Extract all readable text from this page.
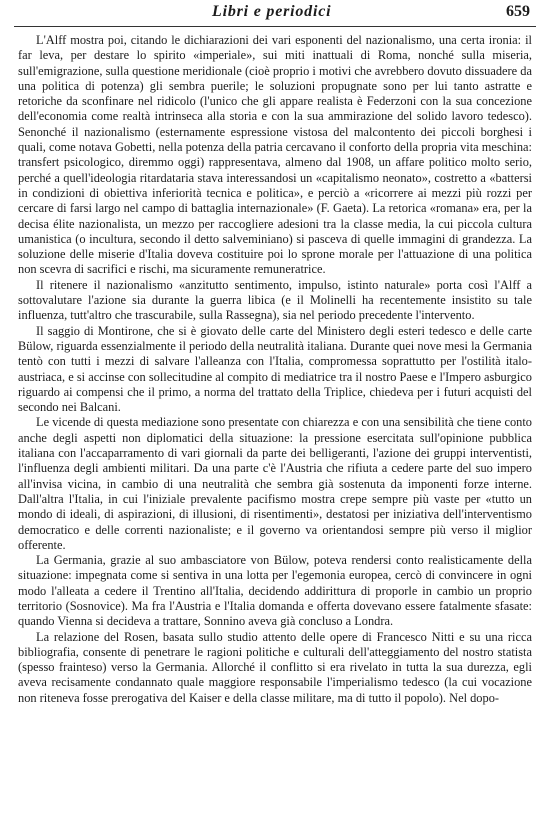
Libri e periodici	659

L'Alff mostra poi, citando le dichiarazioni dei vari esponenti del nazionalismo, una certa ironia: il far leva, per destare lo spirito «imperiale», sui miti inattuali di Roma, nonché sulla miseria, sull'emigrazione, sulla questione meridionale (cioè proprio i motivi che avrebbero dovuto dissuadere da una politica di potenza) gli sembra puerile; le soluzioni propugnate sono per lui tanto astratte e retoriche da sconfinare nel ridicolo (l'unico che gli appare realista è Federzoni con la sua concezione dell'economia come realtà intrinseca alla storia e con la sua ammirazione del solido lavoro tedesco). Senonché il nazionalismo (esternamente espressione vistosa del malcontento dei piccoli borghesi i quali, come notava Gobetti, nella potenza della patria cercavano il conforto della propria vita meschina: transfert psicologico, diremmo oggi) rappresentava, almeno dal 1908, un affare politico molto serio, perché a quell'ideologia ritardataria stava interessandosi un «capitalismo neonato», costretto a «battersi in condizioni di obiettiva inferiorità tecnica e politica», e perciò a «ricorrere ai mezzi più rozzi per cercare di farsi largo nel campo di battaglia internazionale» (F. Gaeta). La retorica «romana» era, per la decisa élite nazionalista, un mezzo per raccogliere adesioni tra la classe media, la cui piccola cultura umanistica (o incultura, secondo il detto salveminiano) si pasceva di quelle immagini di grandezza. La soluzione delle miserie d'Italia doveva costituire poi lo sprone morale per l'attuazione di una politica non scevra di sacrifici e rischi, ma sicuramente remuneratrice.

Il ritenere il nazionalismo «anzitutto sentimento, impulso, istinto naturale» porta così l'Alff a sottovalutare l'azione sia durante la guerra libica (e il Molinelli ha recentemente insistito su tale influenza, tutt'altro che trascurabile, sulla Rassegna), sia nel periodo precedente l'intervento.

Il saggio di Montirone, che si è giovato delle carte del Ministero degli esteri tedesco e delle carte Bülow, riguarda essenzialmente il periodo della neutralità italiana. Durante quei nove mesi la Germania tentò con tutti i mezzi di salvare l'alleanza con l'Italia, compromessa soprattutto per l'ostilità italo-austriaca, e si accinse con sollecitudine al compito di mediatrice tra il nostro Paese e l'Impero asburgico riguardo ai compensi che il primo, a norma del trattato della Triplice, chiedeva per i futuri acquisti del secondo nei Balcani.

Le vicende di questa mediazione sono presentate con chiarezza e con una sensibilità che tiene conto anche degli aspetti non diplomatici della situazione: la pressione esercitata sull'opinione pubblica italiana con l'accaparramento di vari giornali da parte dei belligeranti, l'azione dei gruppi interventisti, l'influenza degli ambienti militari. Da una parte c'è l'Austria che rifiuta a cedere parte del suo impero all'invisa vicina, in cambio di una neutralità che sembra già sostenuta da imponenti forze interne. Dall'altra l'Italia, in cui l'iniziale prevalente pacifismo mostra crepe sempre più vaste per «tutto un mondo di ideali, di aspirazioni, di illusioni, di risentimenti», destatosi per iniziativa dell'interventismo democratico e delle correnti nazionaliste; e il governo va orientandosi sempre più verso il miglior offerente.

La Germania, grazie al suo ambasciatore von Bülow, poteva rendersi conto realisticamente della situazione: impegnata come si sentiva in una lotta per l'egemonia europea, cercò di convincere in ogni modo l'alleata a cedere il Trentino all'Italia, decidendo addirittura di proporle in cambio un proprio territorio (Sosnovice). Ma fra l'Austria e l'Italia domanda e offerta dovevano essere fatalmente sfasate: quando Vienna si decideva a trattare, Sonnino aveva già concluso a Londra.

La relazione del Rosen, basata sullo studio attento delle opere di Francesco Nitti e su una ricca bibliografia, consente di penetrare le ragioni politiche e culturali dell'atteggiamento del nostro statista (spesso frainteso) verso la Germania. Allorché il conflitto si era rivelato in tutta la sua durezza, egli aveva recisamente condannato quale maggiore responsabile l'imperialismo tedesco (la cui vocazione non riteneva fosse prerogativa del Kaiser e della classe militare, ma di tutto il popolo). Nel dopo-
